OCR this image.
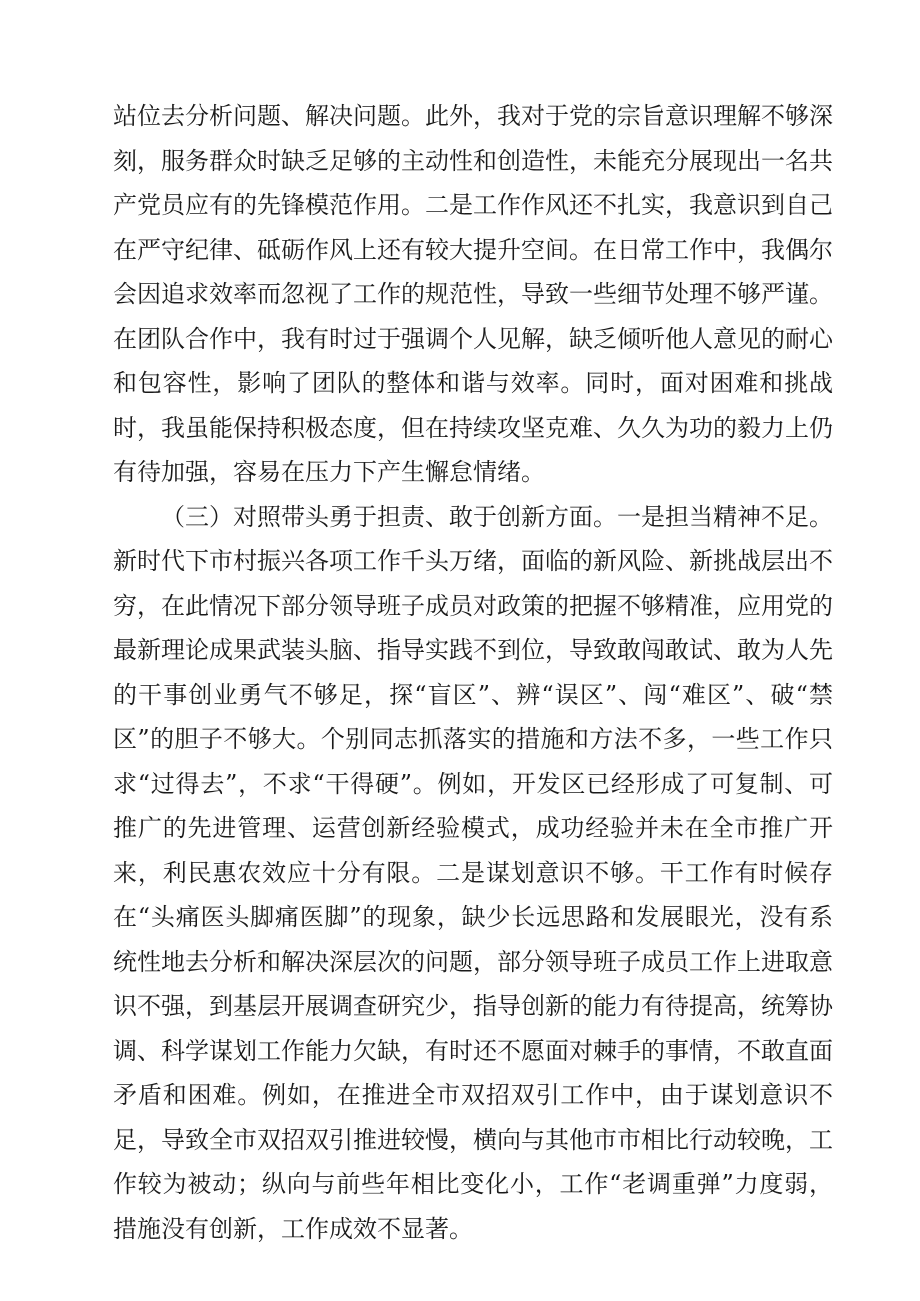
站位去分析问题、解决问题。此外，我对于党的宗旨意识理解不够深刻，服务群众时缺乏足够的主动性和创造性，未能充分展现出一名共产党员应有的先锋模范作用。二是工作作风还不扎实，我意识到自己在严守纪律、砥砺作风上还有较大提升空间。在日常工作中，我偶尔会因追求效率而忽视了工作的规范性，导致一些细节处理不够严谨。在团队合作中，我有时过于强调个人见解，缺乏倾听他人意见的耐心和包容性，影响了团队的整体和谐与效率。同时，面对困难和挑战时，我虽能保持积极态度，但在持续攻坚克难、久久为功的毅力上仍有待加强，容易在压力下产生懈怠情绪。

（三）对照带头勇于担责、敢于创新方面。一是担当精神不足。新时代下市村振兴各项工作千头万绪，面临的新风险、新挑战层出不穷，在此情况下部分领导班子成员对政策的把握不够精准，应用党的最新理论成果武装头脑、指导实践不到位，导致敢闯敢试、敢为人先的干事创业勇气不够足，探“盲区”、辨“误区”、闯“难区”、破“禁区”的胆子不够大。个别同志抓落实的措施和方法不多，一些工作只求“过得去”，不求“干得硬”。例如，开发区已经形成了可复制、可推广的先进管理、运营创新经验模式，成功经验并未在全市推广开来，利民惠农效应十分有限。二是谋划意识不够。干工作有时候存在“头痛医头脚痛医脚”的现象，缺少长远思路和发展眼光，没有系统性地去分析和解决深层次的问题，部分领导班子成员工作上进取意识不强，到基层开展调查研究少，指导创新的能力有待提高，统筹协调、科学谋划工作能力欠缺，有时还不愿面对棘手的事情，不敢直面矛盾和困难。例如，在推进全市双招双引工作中，由于谋划意识不足，导致全市双招双引推进较慢，横向与其他市市相比行动较晚，工作较为被动；纵向与前些年相比变化小，工作“老调重弹”力度弱，措施没有创新，工作成效不显著。
